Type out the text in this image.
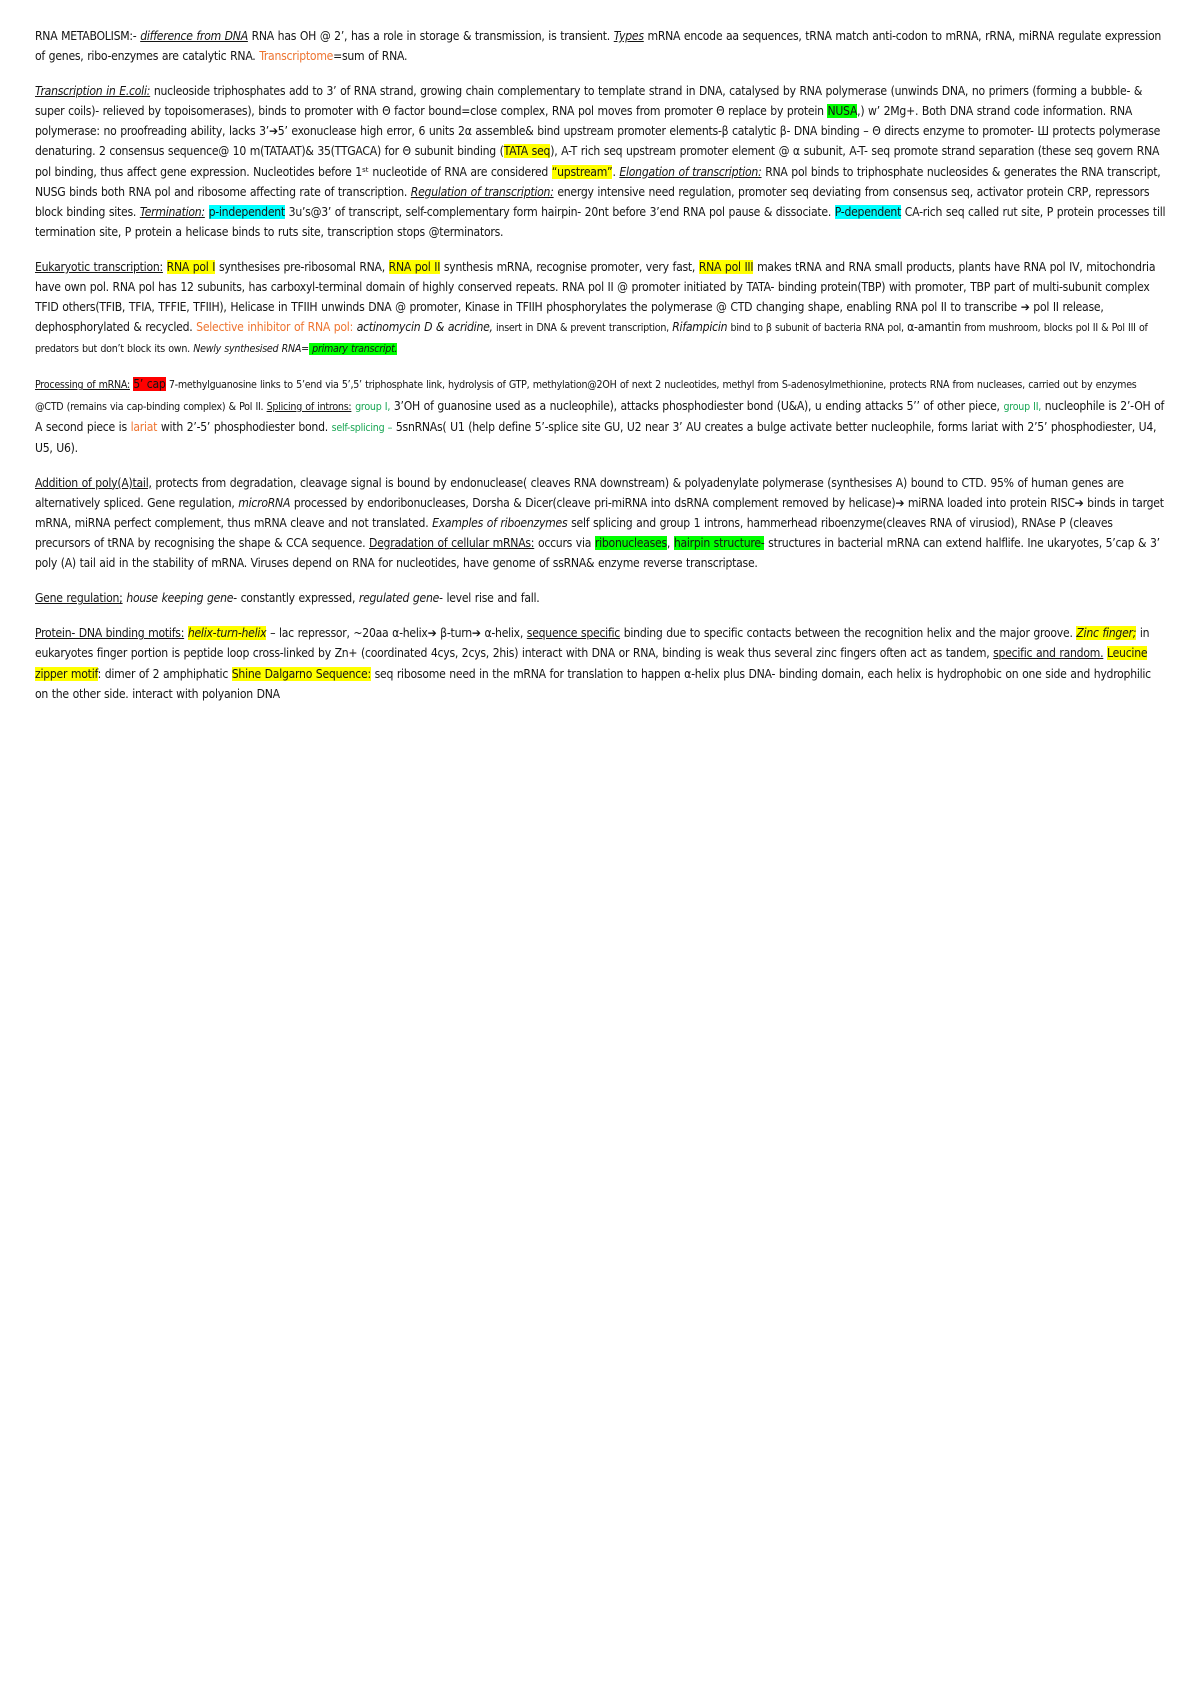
RNA METABOLISM:- difference from DNA RNA has OH @ 2’, has a role in storage & transmission, is transient. Types mRNA encode aa sequences, tRNA match anti-codon to mRNA, rRNA, miRNA regulate expression of genes, ribo-enzymes are catalytic RNA. Transcriptome=sum of RNA.

Transcription in E.coli: nucleoside triphosphates add to 3’ of RNA strand, growing chain complementary to template strand in DNA, catalysed by RNA polymerase (unwinds DNA, no primers (forming a bubble- & super coils)- relieved by topoisomerases), binds to promoter with Θ factor bound=close complex, RNA pol moves from promoter Θ replace by protein NUSA,) w’ 2Mg+. Both DNA strand code information. RNA polymerase: no proofreading ability, lacks 3’➔5’ exonuclease high error, 6 units 2α assemble& bind upstream promoter elements-β catalytic β- DNA binding – Θ directs enzyme to promoter- Ш protects polymerase denaturing. 2 consensus sequence@ 10 m(TATAAT)& 35(TTGACA) for Θ subunit binding (TATA seq), A-T rich seq upstream promoter element @ α subunit, A-T- seq promote strand separation (these seq govern RNA pol binding, thus affect gene expression. Nucleotides before 1ˢᵗ nucleotide of RNA are considered “upstream”. Elongation of transcription: RNA pol binds to triphosphate nucleosides & generates the RNA transcript, NUSG binds both RNA pol and ribosome affecting rate of transcription. Regulation of transcription: energy intensive need regulation, promoter seq deviating from consensus seq, activator protein CRP, repressors block binding sites. Termination: p-independent 3u’s@3’ of transcript, self-complementary form hairpin- 20nt before 3’end RNA pol pause & dissociate. P-dependent CA-rich seq called rut site, P protein processes till termination site, P protein a helicase binds to ruts site, transcription stops @terminators.

Eukaryotic transcription: RNA pol I synthesises pre-ribosomal RNA, RNA pol II synthesis mRNA, recognise promoter, very fast, RNA pol III makes tRNA and RNA small products, plants have RNA pol IV, mitochondria have own pol. RNA pol has 12 subunits, has carboxyl-terminal domain of highly conserved repeats. RNA pol II @ promoter initiated by TATA- binding protein(TBP) with promoter, TBP part of multi-subunit complex TFID others(TFIB, TFIA, TFFIE, TFIIH), Helicase in TFIIH unwinds DNA @ promoter, Kinase in TFIIH phosphorylates the polymerase @ CTD changing shape, enabling RNA pol II to transcribe ➔ pol II release, dephosphorylated & recycled. Selective inhibitor of RNA pol: actinomycin D & acridine, insert in DNA & prevent transcription, Rifampicin bind to β subunit of bacteria RNA pol, α-amantin from mushroom, blocks pol II & Pol III of predators but don’t block its own. Newly synthesised RNA= primary transcript.

Processing of mRNA: 5’ cap 7-methylguanosine links to 5’end via 5’,5’ triphosphate link, hydrolysis of GTP, methylation@2OH of next 2 nucleotides, methyl from S-adenosylmethionine, protects RNA from nucleases, carried out by enzymes @CTD (remains via cap-binding complex) & Pol II. Splicing of introns: group I, 3’OH of guanosine used as a nucleophile), attacks phosphodiester bond (U&A), u ending attacks 5’’ of other piece, group II, nucleophile is 2’-OH of A second piece is lariat with 2’-5’ phosphodiester bond. self-splicing – 5snRNAs( U1 (help define 5’-splice site GU, U2 near 3’ AU creates a bulge activate better nucleophile, forms lariat with 2’5’ phosphodiester, U4, U5, U6).

Addition of poly(A)tail, protects from degradation, cleavage signal is bound by endonuclease( cleaves RNA downstream) & polyadenylate polymerase (synthesises A) bound to CTD. 95% of human genes are alternatively spliced. Gene regulation, microRNA processed by endoribonucleases, Dorsha & Dicer(cleave pri-miRNA into dsRNA complement removed by helicase)➔ miRNA loaded into protein RISC➔ binds in target mRNA, miRNA perfect complement, thus mRNA cleave and not translated. Examples of riboenzymes self splicing and group 1 introns, hammerhead riboenzyme(cleaves RNA of virusiod), RNAse P (cleaves precursors of tRNA by recognising the shape & CCA sequence. Degradation of cellular mRNAs: occurs via ribonucleases, hairpin structure- structures in bacterial mRNA can extend halflife. Ine ukaryotes, 5’cap & 3’ poly (A) tail aid in the stability of mRNA. Viruses depend on RNA for nucleotides, have genome of ssRNA& enzyme reverse transcriptase.

Gene regulation; house keeping gene- constantly expressed, regulated gene- level rise and fall.

Protein- DNA binding motifs: helix-turn-helix – lac repressor, ~20aa α-helix➔ β-turn➔ α-helix, sequence specific binding due to specific contacts between the recognition helix and the major groove. Zinc finger; in eukaryotes finger portion is peptide loop cross-linked by Zn+ (coordinated 4cys, 2cys, 2his) interact with DNA or RNA, binding is weak thus several zinc fingers often act as tandem, specific and random. Leucine zipper motif: dimer of 2 amphiphatic Shine Dalgarno Sequence: seq ribosome need in the mRNA for translation to happen α-helix plus DNA- binding domain, each helix is hydrophobic on one side and hydrophilic on the other side. interact with polyanion DNA
